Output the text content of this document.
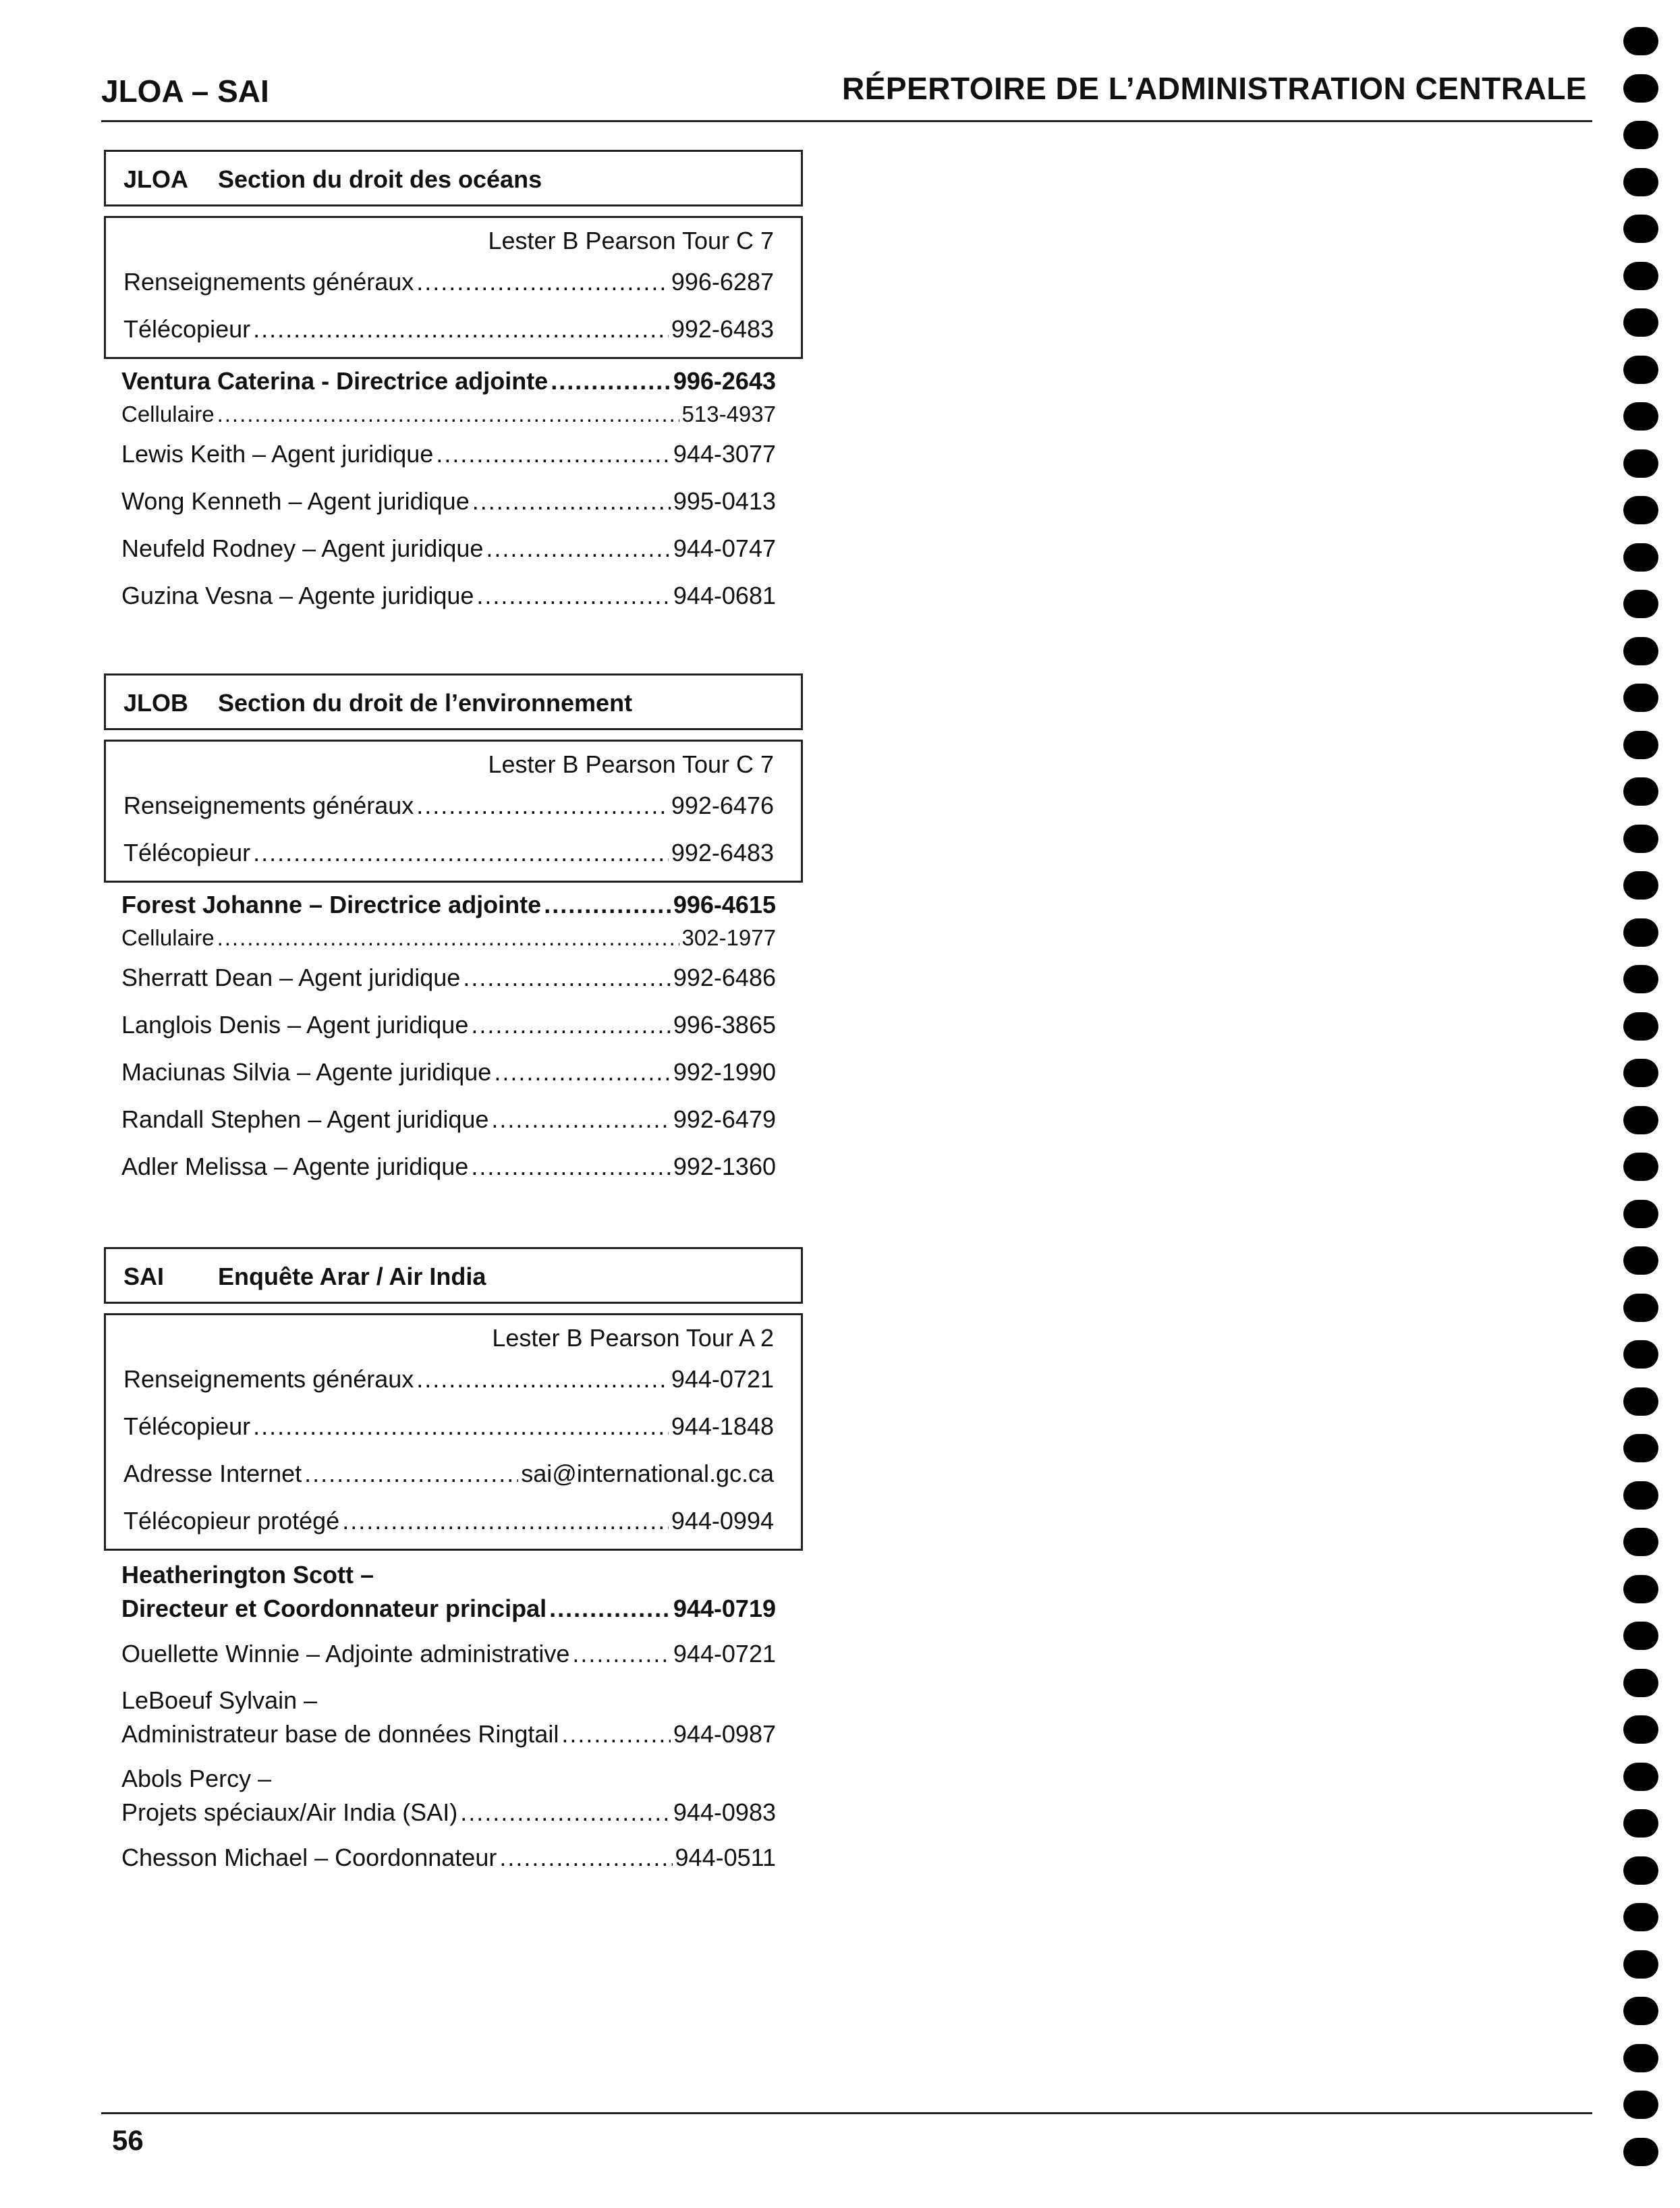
JLOA – SAI	RÉPERTOIRE DE L’ADMINISTRATION CENTRALE
JLOA Section du droit des océans
Lester B Pearson Tour C 7
Renseignements généraux .....	996-6287
Télécopieur .....	992-6483
Ventura Caterina - Directrice adjointe .....	996-2643
Cellulaire .....	513-4937
Lewis Keith – Agent juridique .....	944-3077
Wong Kenneth – Agent juridique .....	995-0413
Neufeld Rodney – Agent juridique .....	944-0747
Guzina Vesna – Agente juridique .....	944-0681
JLOB Section du droit de l’environnement
Lester B Pearson Tour C 7
Renseignements généraux .....	992-6476
Télécopieur .....	992-6483
Forest Johanne – Directrice adjointe .....	996-4615
Cellulaire .....	302-1977
Sherratt Dean – Agent juridique .....	992-6486
Langlois Denis – Agent juridique .....	996-3865
Maciunas Silvia – Agente juridique .....	992-1990
Randall Stephen – Agent juridique .....	992-6479
Adler Melissa – Agente juridique .....	992-1360
SAI Enquête Arar / Air India
Lester B Pearson Tour A 2
Renseignements généraux .....	944-0721
Télécopieur .....	944-1848
Adresse Internet .....	sai@international.gc.ca
Télécopieur protégé .....	944-0994
Heatherington Scott –
Directeur et Coordonnateur principal .....	944-0719
Ouellette Winnie – Adjointe administrative .....	944-0721
LeBoeuf Sylvain –
Administrateur base de données Ringtail .....	944-0987
Abols Percy –
Projets spéciaux/Air India (SAI) .....	944-0983
Chesson Michael – Coordonnateur .....	944-0511
56
